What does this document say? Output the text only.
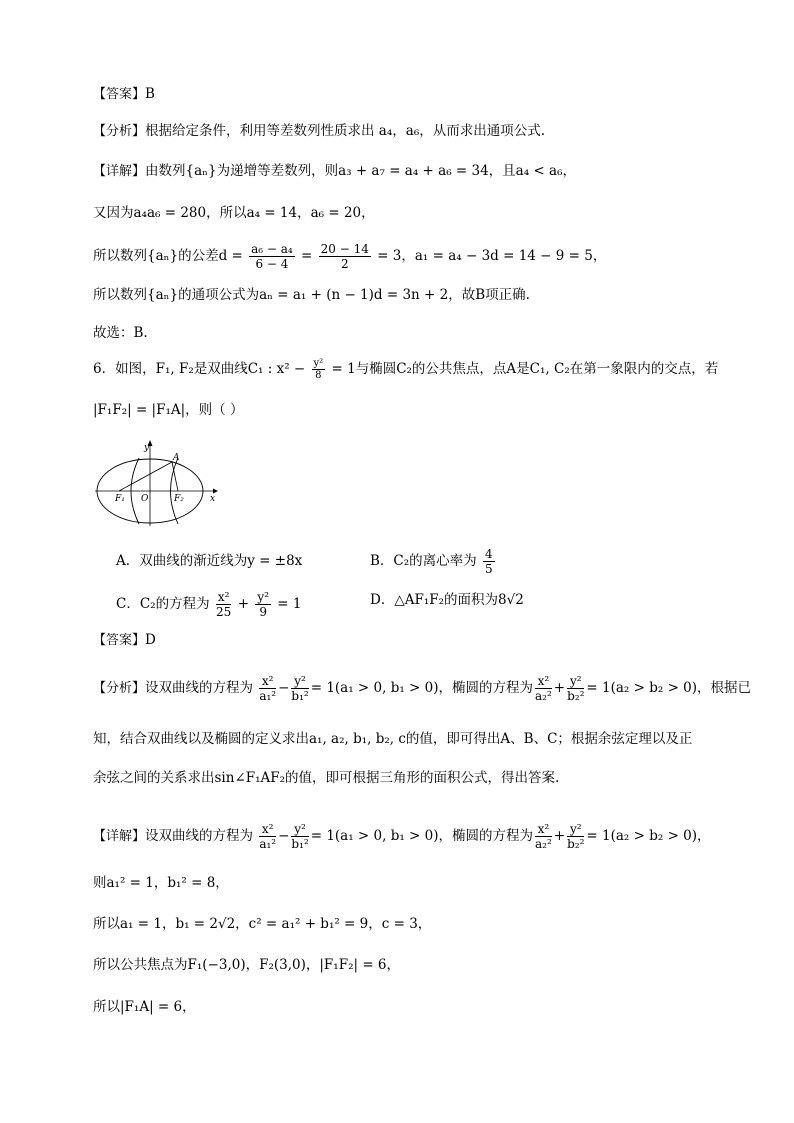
【答案】B
【分析】根据给定条件，利用等差数列性质求出 a₄，a₆，从而求出通项公式.
【详解】由数列{aₙ}为递增等差数列，则a₃ + a₇ = a₄ + a₆ = 34，且a₄ < a₆，
又因为a₄a₆ = 280，所以a₄ = 14，a₆ = 20，
所以数列{aₙ}的公差$d = \frac{\text{a₆ − a₄}}{6 - 4} = \frac{20 - 14}{2} = 3$，a₁ = a₄ − 3d = 14 − 9 = 5，
所以数列{aₙ}的通项公式为aₙ = a₁ + (n − 1)d = 3n + 2，故B项正确.
故选：B.
6．如图，F₁, F₂是双曲线C₁ : $x^2 - \frac{\text{y²}}{8} = 1$与椭圆C₂的公共焦点，点A是C₁, C₂在第一象限内的交点，若
|F₁F₂| = |F₁A|，则（ ）
y
x
A
O
F₁	F₂
A．双曲线的渐近线为y = ±8x	B．C₂的离心率为 $\frac{4}{5}$
C．C₂的方程为 $\frac{\text{x²}}{25} + \frac{\text{y²}}{9} = 1$	D．△AF₁F₂的面积为8√2
【答案】D
【分析】设双曲线的方程为 $\frac{\text{x²}}{\text{a₁²}} - \frac{\text{y²}}{\text{b₁²}} = 1(a_1 > 0$, b₁ > 0)，椭圆的方程为 $\frac{\text{x²}}{\text{a₂²}} + \frac{\text{y²}}{\text{b₂²}} = 1(a_2 > b_2 > 0)$，根据已
知，结合双曲线以及椭圆的定义求出a₁, a₂, b₁, b₂, c的值，即可得出A、B、C；根据余弦定理以及正
余弦之间的关系求出sin∠F₁AF₂的值，即可根据三角形的面积公式，得出答案.
【详解】设双曲线的方程为 $\frac{\text{x²}}{\text{a₁²}} - \frac{\text{y²}}{\text{b₁²}} = 1(a_1 > 0$, b₁ > 0)，椭圆的方程为 $\frac{\text{x²}}{\text{a₂²}} + \frac{\text{y²}}{\text{b₂²}} = 1(a_2 > b_2 > 0)$，
则a₁² = 1，b₁² = 8，
所以a₁ = 1，b₁ = 2√2，c² = a₁² + b₁² = 9，c = 3，
所以公共焦点为F₁(−3,0)，F₂(3,0)，|F₁F₂| = 6，
所以|F₁A| = 6，
